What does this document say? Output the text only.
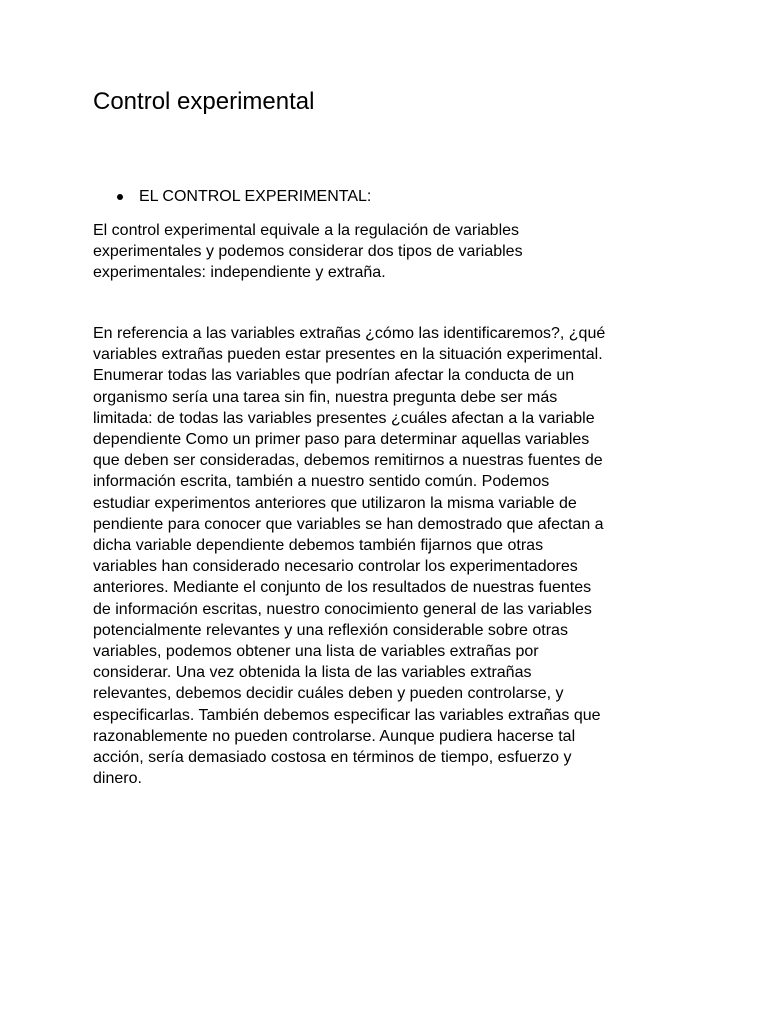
Control experimental
EL CONTROL EXPERIMENTAL:

El control experimental equivale a la regulación de variables
experimentales y podemos considerar dos tipos de variables
experimentales: independiente y extraña.

En referencia a las variables extrañas ¿cómo las identificaremos?, ¿qué
variables extrañas pueden estar presentes en la situación experimental.
Enumerar todas las variables que podrían afectar la conducta de un
organismo sería una tarea sin fin, nuestra pregunta debe ser más
limitada: de todas las variables presentes ¿cuáles afectan a la variable
dependiente Como un primer paso para determinar aquellas variables
que deben ser consideradas, debemos remitirnos a nuestras fuentes de
información escrita, también a nuestro sentido común. Podemos
estudiar experimentos anteriores que utilizaron la misma variable de
pendiente para conocer que variables se han demostrado que afectan a
dicha variable dependiente debemos también fijarnos que otras
variables han considerado necesario controlar los experimentadores
anteriores. Mediante el conjunto de los resultados de nuestras fuentes
de información escritas, nuestro conocimiento general de las variables
potencialmente relevantes y una reflexión considerable sobre otras
variables, podemos obtener una lista de variables extrañas por
considerar. Una vez obtenida la lista de las variables extrañas
relevantes, debemos decidir cuáles deben y pueden controlarse, y
especificarlas. También debemos especificar las variables extrañas que
razonablemente no pueden controlarse. Aunque pudiera hacerse tal
acción, sería demasiado costosa en términos de tiempo, esfuerzo y
dinero.
